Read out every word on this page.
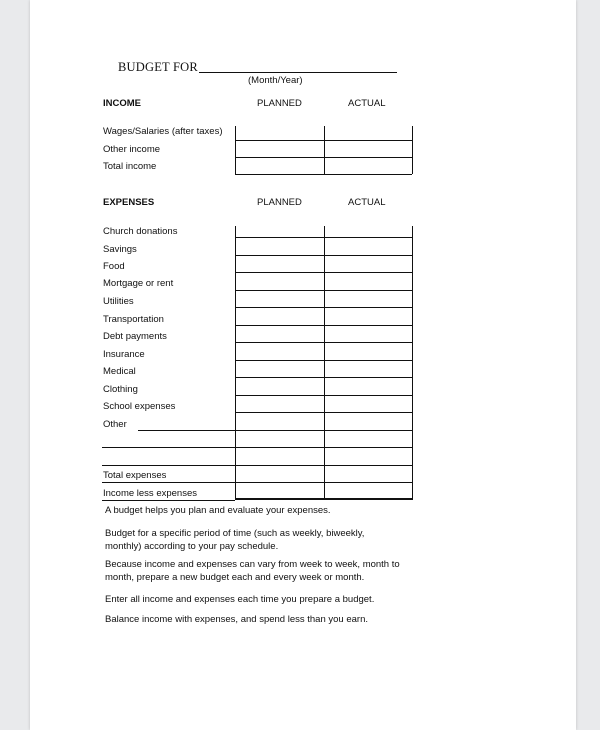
BUDGET FOR
(Month/Year)
INCOME	PLANNED	ACTUAL
Wages/Salaries (after taxes)
Other income
Total income
EXPENSES	PLANNED	ACTUAL
Church donations
Savings
Food
Mortgage or rent
Utilities
Transportation
Debt payments
Insurance
Medical
Clothing
School expenses
Other
Total expenses
Income less expenses
A budget helps you plan and evaluate your expenses.
Budget for a specific period of time (such as weekly, biweekly, monthly) according to your pay schedule.
Because income and expenses can vary from week to week, month to month, prepare a new budget each and every week or month.
Enter all income and expenses each time you prepare a budget.
Balance income with expenses, and spend less than you earn.
